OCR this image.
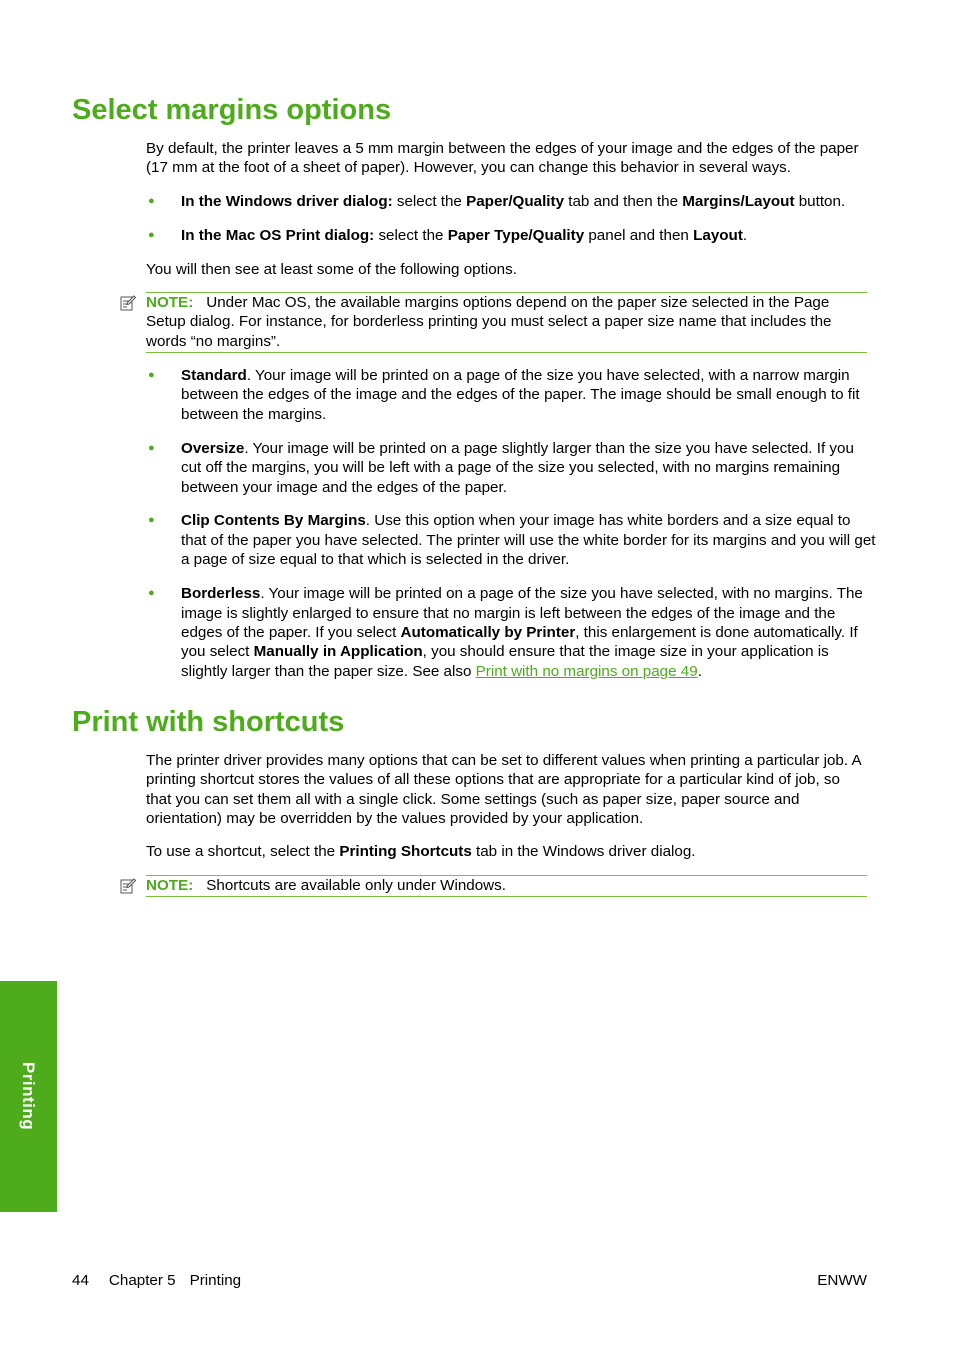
Select margins options

By default, the printer leaves a 5 mm margin between the edges of your image and the edges of the paper (17 mm at the foot of a sheet of paper). However, you can change this behavior in several ways.

● In the Windows driver dialog: select the Paper/Quality tab and then the Margins/Layout button.
● In the Mac OS Print dialog: select the Paper Type/Quality panel and then Layout.

You will then see at least some of the following options.

NOTE: Under Mac OS, the available margins options depend on the paper size selected in the Page Setup dialog. For instance, for borderless printing you must select a paper size name that includes the words “no margins”.
● Standard. Your image will be printed on a page of the size you have selected, with a narrow margin between the edges of the image and the edges of the paper. The image should be small enough to fit between the margins.
● Oversize. Your image will be printed on a page slightly larger than the size you have selected. If you cut off the margins, you will be left with a page of the size you selected, with no margins remaining between your image and the edges of the paper.
● Clip Contents By Margins. Use this option when your image has white borders and a size equal to that of the paper you have selected. The printer will use the white border for its margins and you will get a page of size equal to that which is selected in the driver.
● Borderless. Your image will be printed on a page of the size you have selected, with no margins. The image is slightly enlarged to ensure that no margin is left between the edges of the image and the edges of the paper. If you select Automatically by Printer, this enlargement is done automatically. If you select Manually in Application, you should ensure that the image size in your application is slightly larger than the paper size. See also Print with no margins on page 49.
Print with shortcuts

The printer driver provides many options that can be set to different values when printing a particular job. A printing shortcut stores the values of all these options that are appropriate for a particular kind of job, so that you can set them all with a single click. Some settings (such as paper size, paper source and orientation) may be overridden by the values provided by your application.

To use a shortcut, select the Printing Shortcuts tab in the Windows driver dialog.

NOTE: Shortcuts are available only under Windows.
Printing
44 Chapter 5 Printing	ENWW
